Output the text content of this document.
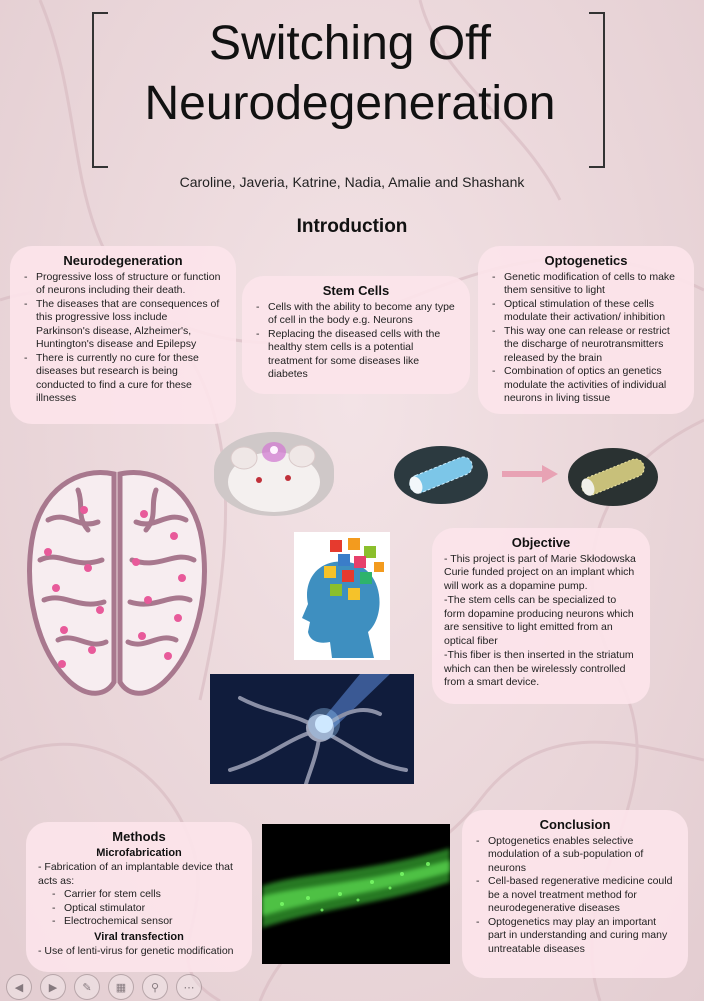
Switching Off Neurodegeneration
Caroline, Javeria, Katrine, Nadia, Amalie and Shashank
Introduction
Neurodegeneration
- Progressive loss of structure or function of neurons including their death.
- The diseases that are consequences of this progressive loss include Parkinson's disease, Alzheimer's, Huntington's disease and Epilepsy
- There is currently no cure for these diseases but research is being conducted to find a cure for these illnesses
Stem Cells
- Cells with the ability to become any type of cell in the body e.g. Neurons
- Replacing the diseased cells with the healthy stem cells is a potential treatment for some diseases like diabetes
Optogenetics
- Genetic modification of cells to make them sensitive to light
- Optical stimulation of these cells modulate their activation/ inhibition
- This way one can release or restrict the discharge of neurotransmitters released by the brain
- Combination of optics an genetics modulate the activities of individual neurons in living tissue
Objective

- This project is part of Marie Skłodowska Curie funded project on an implant which will work as a dopamine pump.

-The stem cells can be specialized to form dopamine producing neurons which are sensitive to light emitted from an optical fiber

-This fiber is then inserted in the striatum which can then be wirelessly controlled from a smart device.

Methods
Microfabrication

- Fabrication of an implantable device that acts as:

- Carrier for stem cells
- Optical stimulator
- Electrochemical sensor
Viral transfection

- Use of lenti-virus for genetic modification

Conclusion
- Optogenetics enables selective modulation of a sub-population of neurons
- Cell-based regenerative medicine could be a novel treatment method for neurodegenerative diseases
- Optogenetics may play an important part in understanding and curing many untreatable diseases
◀	▶	✎	▦	⚲	⋯
